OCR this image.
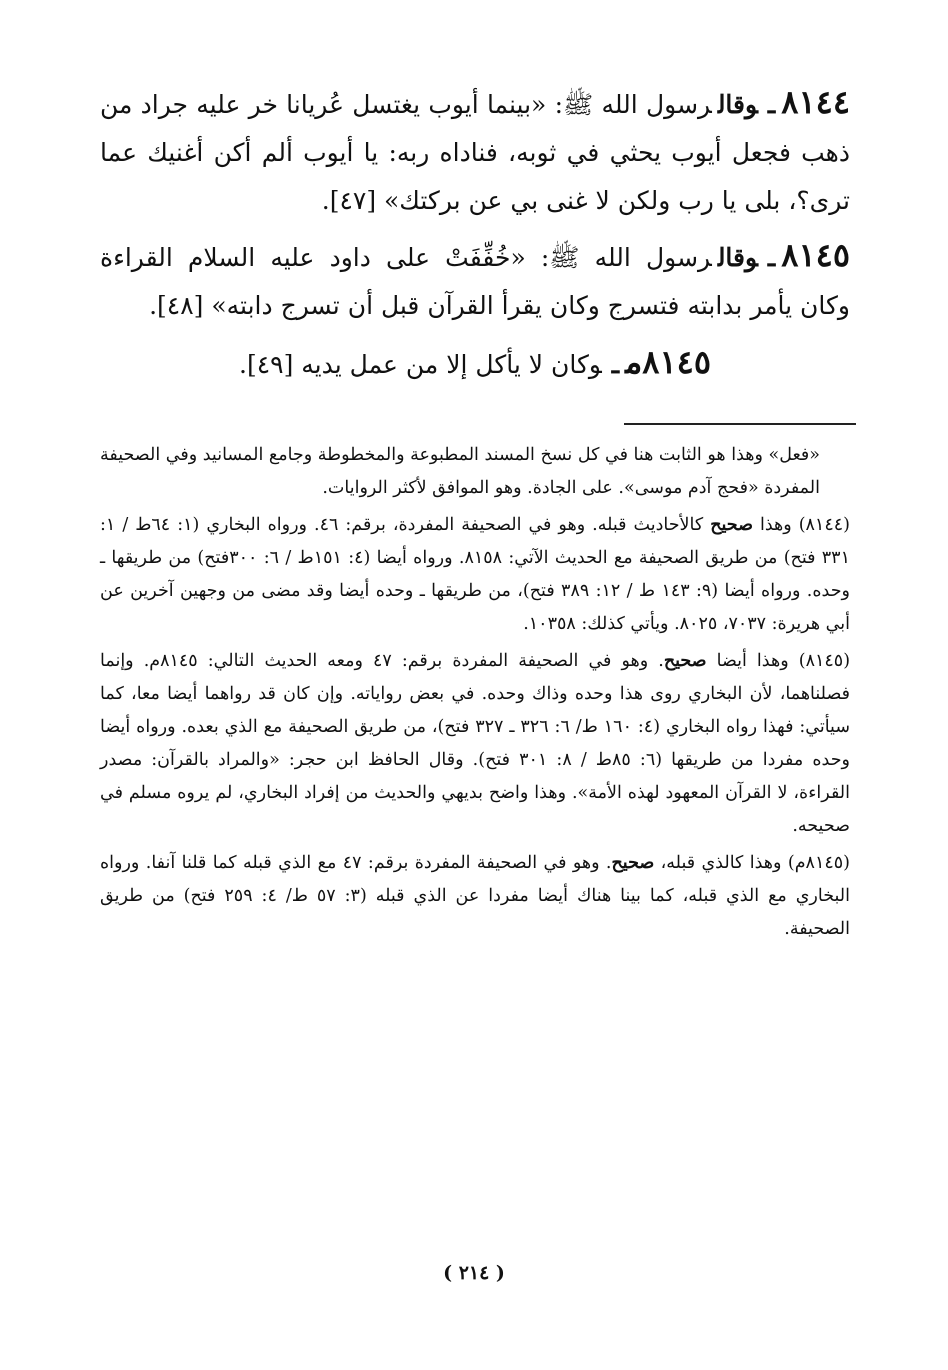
٨١٤٤ـوقالرسول الله ﷺ: «بينما أيوب يغتسل عُريانا خر عليه جراد من ذهب فجعل أيوب يحثي في ثوبه، فناداه ربه: يا أيوب ألم أكن أغنيك عما ترى؟، بلى يا رب ولكن لا غنى بي عن بركتك» [٤٧].

٨١٤٥ـوقالرسول الله ﷺ: «خُفِّفَتْ على داود عليه السلام القراءة وكان يأمر بدابته فتسرج وكان يقرأ القرآن قبل أن تسرج دابته» [٤٨].

٨١٤٥مـوكان لا يأكل إلا من عمل يديه [٤٩].

«فعل» وهذا هو الثابت هنا في كل نسخ المسند المطبوعة والمخطوطة وجامع المسانيد وفي الصحيفة المفردة «فحج آدم موسى». على الجادة. وهو الموافق لأكثر الروايات.

(٨١٤٤) وهذا صحيح كالأحاديث قبله. وهو في الصحيفة المفردة، برقم: ٤٦. ورواه البخاري (١: ٦٤ط / ١: ٣٣١ فتح) من طريق الصحيفة مع الحديث الآتي: ٨١٥٨. ورواه أيضا (٤: ١٥١ط / ٦: ٣٠٠فتح) من طريقها ـ وحده. ورواه أيضا (٩: ١٤٣ ط / ١٢: ٣٨٩ فتح)، من طريقها ـ وحده أيضا وقد مضى من وجهين آخرين عن أبي هريرة: ٧٠٣٧، ٨٠٢٥. ويأتي كذلك: ١٠٣٥٨.

(٨١٤٥) وهذا أيضا صحيح. وهو في الصحيفة المفردة برقم: ٤٧ ومعه الحديث التالي: ٨١٤٥م. وإنما فصلناهما، لأن البخاري روى هذا وحده وذاك وحده. في بعض رواياته. وإن كان قد رواهما أيضا معا، كما سيأتي: فهذا رواه البخاري (٤: ١٦٠ ط/ ٦: ٣٢٦ ـ ٣٢٧ فتح)، من طريق الصحيفة مع الذي بعده. ورواه أيضا وحده مفردا من طريقها (٦: ٨٥ط / ٨: ٣٠١ فتح). وقال الحافظ ابن حجر: «والمراد بالقرآن: مصدر القراءة، لا القرآن المعهود لهذه الأمة». وهذا واضح بديهي والحديث من إفراد البخاري، لم يروه مسلم في صحيحه.

(٨١٤٥م) وهذا كالذي قبله، صحيح. وهو في الصحيفة المفردة برقم: ٤٧ مع الذي قبله كما قلنا آنفا. ورواه البخاري مع الذي قبله، كما بينا هناك أيضا مفردا عن الذي قبله (٣: ٥٧ ط/ ٤: ٢٥٩ فتح) من طريق الصحيفة.

( ٢١٤ )
